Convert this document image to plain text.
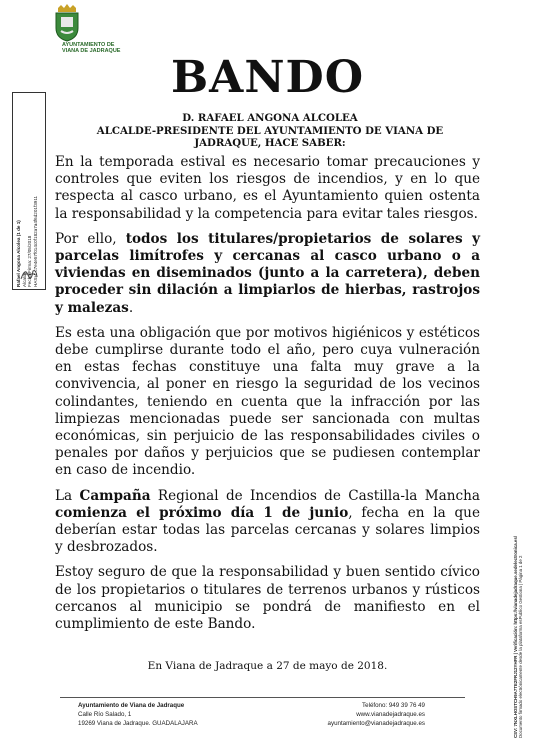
AYUNTAMIENTO DE
VIANA DE JADRAQUE
Rafael Angona Alcolea (1 de 1) Alcalde Fecha Firma: 27/05/2018 HASH: c7e4e57f014c0f182a7a4f6d201f3911
CSV: 7NXLHOSTCH9A7TE2FRJ12YHFR | Verificación: https://vianadejadraque.sedelectronica.es/ Documento firmado electrónicamente desde la plataforma esPublico Gestiona | Página 1 de 2
BANDO
D. RAFAEL ANGONA ALCOLEA
ALCALDE-PRESIDENTE DEL AYUNTAMIENTO DE VIANA DE
JADRAQUE, HACE SABER:

En la temporada estival es necesario tomar precauciones y controles que eviten los riesgos de incendios, y en lo que respecta al casco urbano, es el Ayuntamiento quien ostenta la responsabilidad y la competencia para evitar tales riesgos.

Por ello, todos los titulares/propietarios de solares y parcelas limítrofes y cercanas al casco urbano o a viviendas en diseminados (junto a la carretera), deben proceder sin dilación a limpiarlos de hierbas, rastrojos y malezas.

Es esta una obligación que por motivos higiénicos y estéticos debe cumplirse durante todo el año, pero cuya vulneración en estas fechas constituye una falta muy grave a la convivencia, al poner en riesgo la seguridad de los vecinos colindantes, teniendo en cuenta que la infracción por las limpiezas mencionadas puede ser sancionada con multas económicas, sin perjuicio de las responsabilidades civiles o penales por daños y perjuicios que se pudiesen contemplar en caso de incendio.

La Campaña Regional de Incendios de Castilla-la Mancha comienza el próximo día 1 de junio, fecha en la que deberían estar todas las parcelas cercanas y solares limpios y desbrozados.

Estoy seguro de que la responsabilidad y buen sentido cívico de los propietarios o titulares de terrenos urbanos y rústicos cercanos al municipio se pondrá de manifiesto en el cumplimiento de este Bando.

En Viana de Jadraque a 27 de mayo de 2018.
Ayuntamiento de Viana de Jadraque
Calle Río Salado, 1
19269 Viana de Jadraque. GUADALAJARA
Teléfono: 949 39 76 49
www.vianadejadraque.es
ayuntamiento@vianadejadraque.es
